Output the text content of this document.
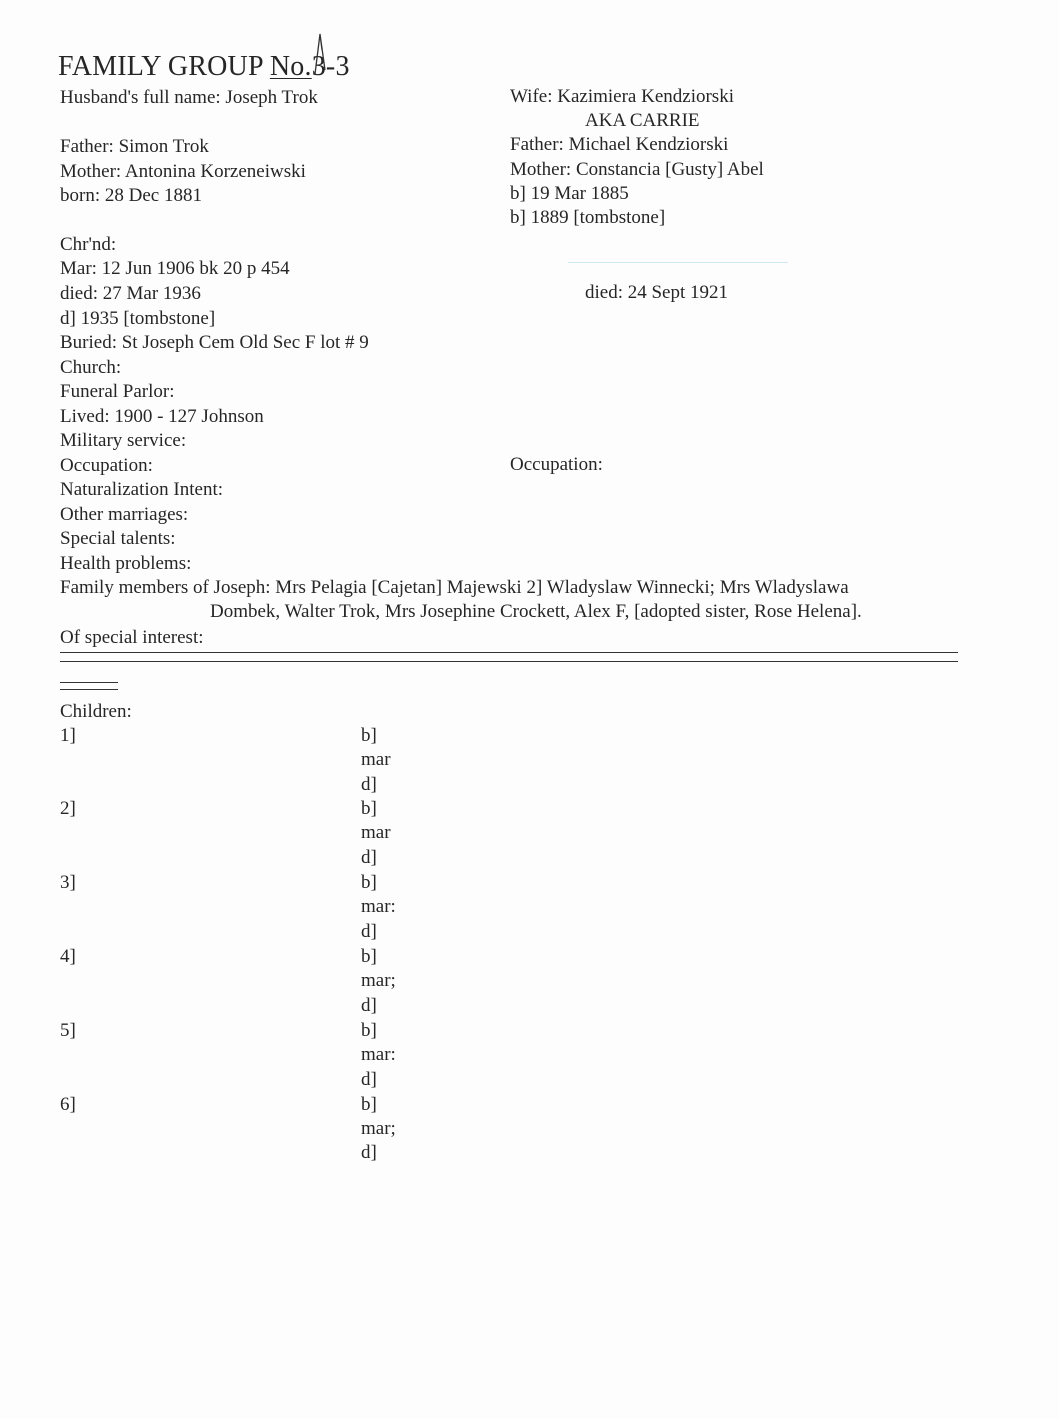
FAMILY GROUP No.3-3
Husband's full name: Joseph Trok
Father: Simon Trok
Mother: Antonina Korzeneiwski
born: 28 Dec 1881
Chr'nd:
Mar: 12 Jun 1906 bk 20 p 454
died: 27 Mar 1936
d] 1935 [tombstone]
Buried: St Joseph Cem Old Sec F lot # 9
Church:
Funeral Parlor:
Lived: 1900 - 127 Johnson
Military service:
Occupation:
Naturalization Intent:
Other marriages:
Special talents:
Health problems:
Family members of Joseph: Mrs Pelagia [Cajetan] Majewski 2] Wladyslaw Winnecki; Mrs Wladyslawa
Dombek, Walter Trok, Mrs Josephine Crockett, Alex F, [adopted sister, Rose Helena].
Of special interest:
Wife: Kazimiera Kendziorski
AKA CARRIE
Father: Michael Kendziorski
Mother: Constancia [Gusty] Abel
b] 19 Mar 1885
b] 1889 [tombstone]
died: 24 Sept 1921
Occupation:
Children:
1]	b]
mar
d]
2]	b]
mar
d]
3]	b]
mar:
d]
4]	b]
mar;
d]
5]	b]
mar:
d]
6]	b]
mar;
d]
